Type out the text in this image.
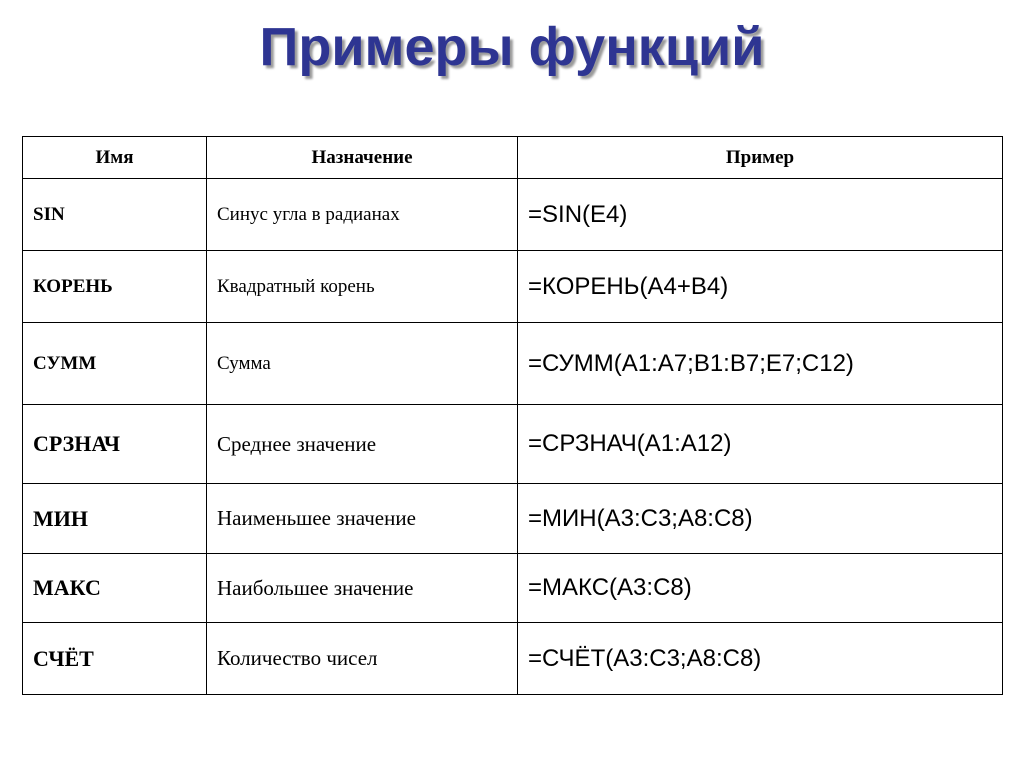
Примеры функций
Имя	Назначение	Пример
SIN	Синус угла в радианах	=SIN(E4)
КОРЕНЬ	Квадратный корень	=КОРЕНЬ(A4+B4)
СУММ	Сумма	=СУММ(A1:A7;B1:B7;E7;C12)
СРЗНАЧ	Среднее значение	=СРЗНАЧ(A1:A12)
МИН	Наименьшее значение	=МИН(A3:C3;A8:C8)
МАКС	Наибольшее значение	=МАКС(A3:C8)
СЧЁТ	Количество чисел	=СЧЁТ(A3:C3;A8:C8)
